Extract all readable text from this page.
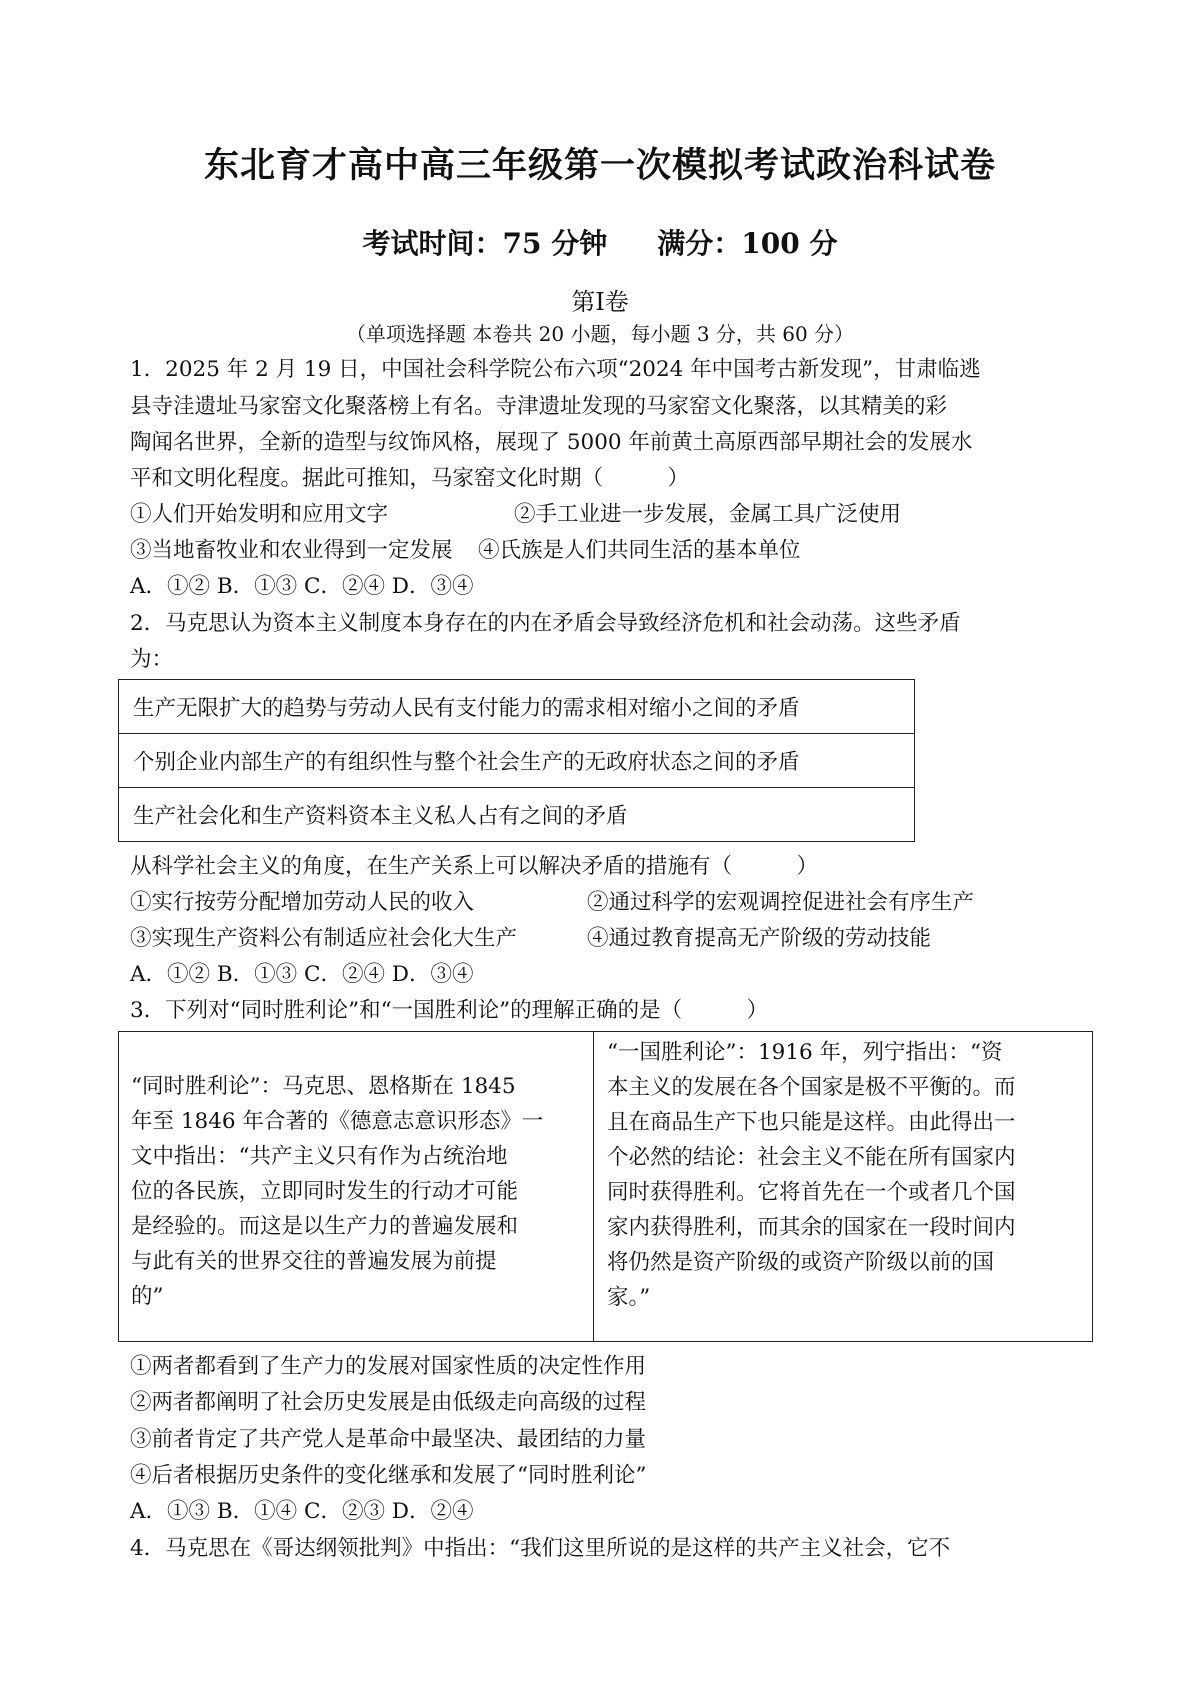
东北育才高中高三年级第一次模拟考试政治科试卷
考试时间：75 分钟 满分：100 分
第Ⅰ卷
（单项选择题 本卷共 20 小题，每小题 3 分，共 60 分）
1．2025 年 2 月 19 日，中国社会科学院公布六项“2024 年中国考古新发现”，甘肃临逃
县寺洼遗址马家窑文化聚落榜上有名。寺津遗址发现的马家窑文化聚落，以其精美的彩
陶闻名世界，全新的造型与纹饰风格，展现了 5000 年前黄土高原西部早期社会的发展水
平和文明化程度。据此可推知，马家窑文化时期（　　　）
①人们开始发明和应用文字	②手工业进一步发展，金属工具广泛使用
③当地畜牧业和农业得到一定发展 ④氏族是人们共同生活的基本单位
A．①② B．①③ C．②④ D．③④
2．马克思认为资本主义制度本身存在的内在矛盾会导致经济危机和社会动荡。这些矛盾
为：
生产无限扩大的趋势与劳动人民有支付能力的需求相对缩小之间的矛盾
个别企业内部生产的有组织性与整个社会生产的无政府状态之间的矛盾
生产社会化和生产资料资本主义私人占有之间的矛盾
从科学社会主义的角度，在生产关系上可以解决矛盾的措施有（　　　）
①实行按劳分配增加劳动人民的收入	②通过科学的宏观调控促进社会有序生产
③实现生产资料公有制适应社会化大生产	④通过教育提高无产阶级的劳动技能
A．①② B．①③ C．②④ D．③④
3．下列对“同时胜利论”和“一国胜利论”的理解正确的是（　　　）
“同时胜利论”：马克思、恩格斯在 1845
年至 1846 年合著的《德意志意识形态》一
文中指出：“共产主义只有作为占统治地
位的各民族，立即同时发生的行动才可能
是经验的。而这是以生产力的普遍发展和
与此有关的世界交往的普遍发展为前提
的”
“一国胜利论”：1916 年，列宁指出：“资
本主义的发展在各个国家是极不平衡的。而
且在商品生产下也只能是这样。由此得出一
个必然的结论：社会主义不能在所有国家内
同时获得胜利。它将首先在一个或者几个国
家内获得胜利，而其余的国家在一段时间内
将仍然是资产阶级的或资产阶级以前的国
家。”
①两者都看到了生产力的发展对国家性质的决定性作用
②两者都阐明了社会历史发展是由低级走向高级的过程
③前者肯定了共产党人是革命中最坚决、最团结的力量
④后者根据历史条件的变化继承和发展了“同时胜利论”
A．①③ B．①④ C．②③ D．②④
4．马克思在《哥达纲领批判》中指出：“我们这里所说的是这样的共产主义社会，它不
